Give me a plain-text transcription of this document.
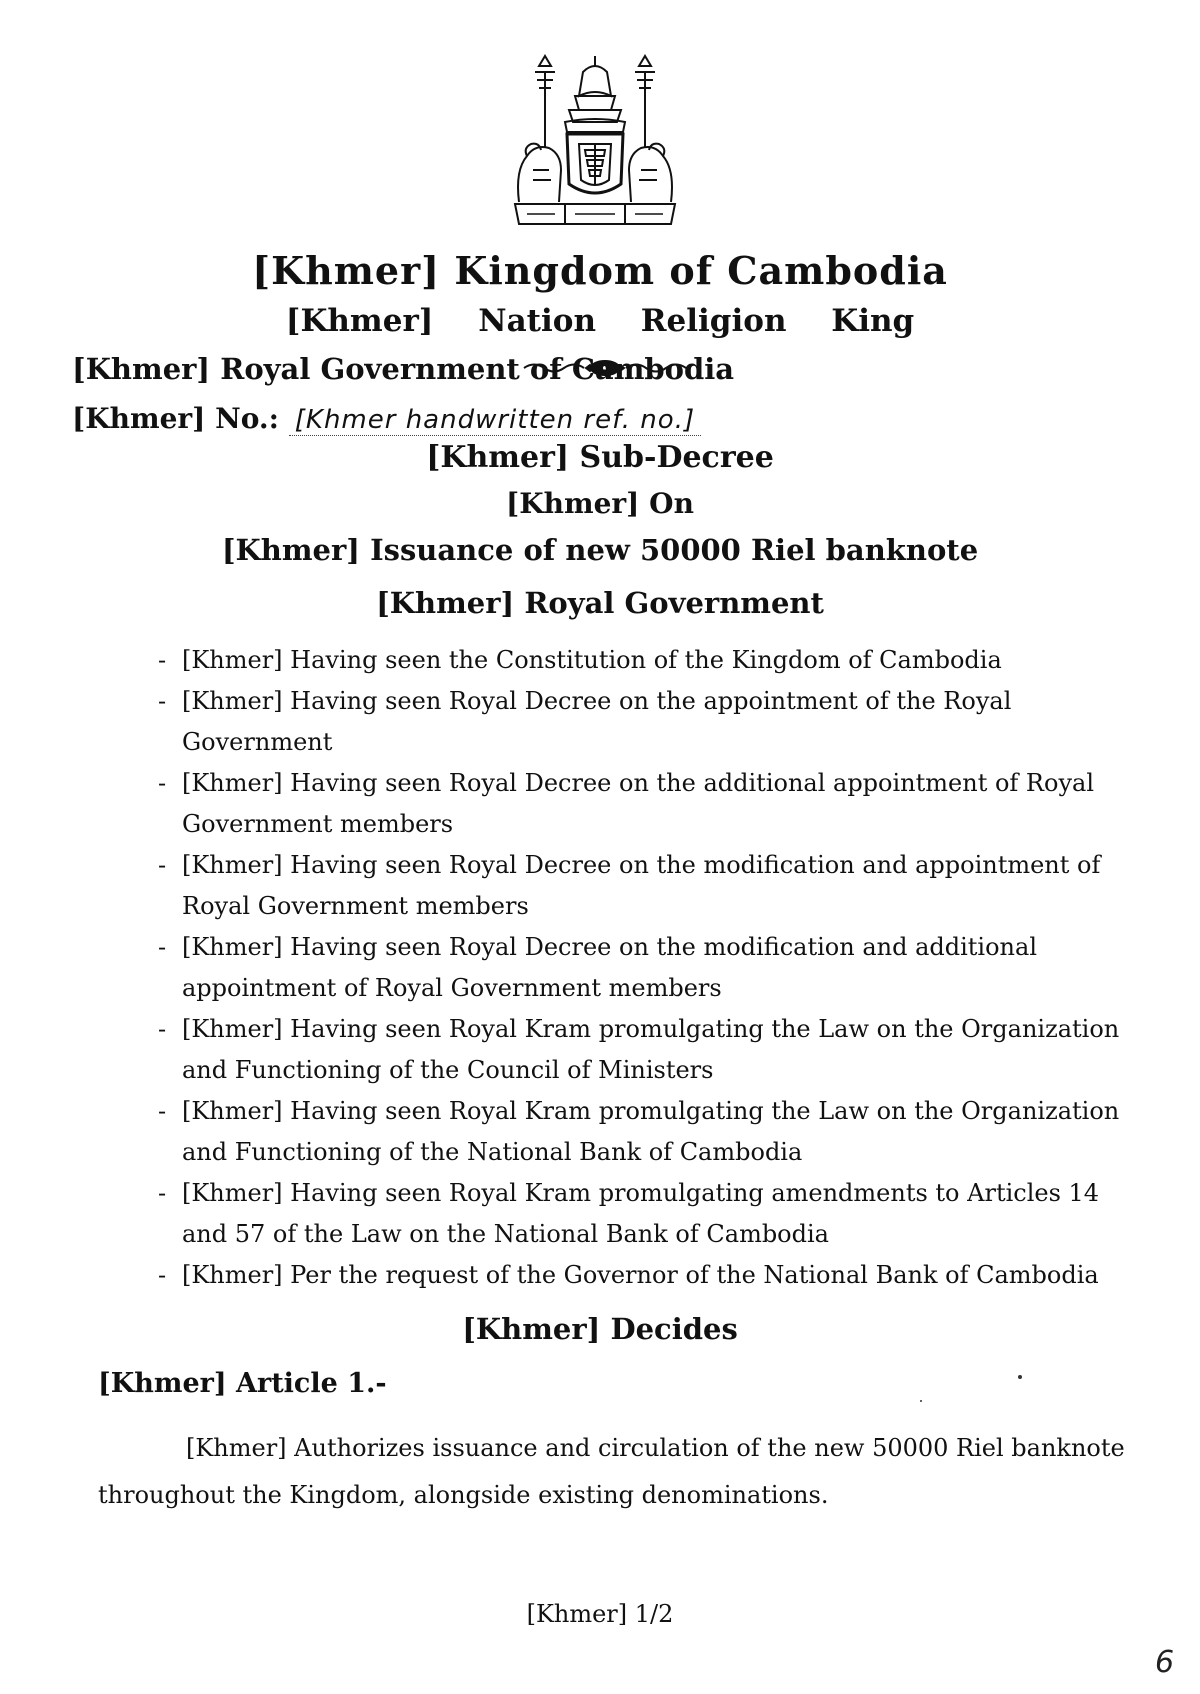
[Khmer] Kingdom of Cambodia
[Khmer] Nation Religion King
[Khmer] Royal Government of Cambodia
[Khmer] No.: [Khmer handwritten ref. no.]
[Khmer] Sub-Decree
[Khmer] On
[Khmer] Issuance of new 50000 Riel banknote
[Khmer] Royal Government
- [Khmer] Having seen the Constitution of the Kingdom of Cambodia
- [Khmer] Having seen Royal Decree on the appointment of the Royal Government
- [Khmer] Having seen Royal Decree on the additional appointment of Royal Government members
- [Khmer] Having seen Royal Decree on the modification and appointment of Royal Government members
- [Khmer] Having seen Royal Decree on the modification and additional appointment of Royal Government members
- [Khmer] Having seen Royal Kram promulgating the Law on the Organization and Functioning of the Council of Ministers
- [Khmer] Having seen Royal Kram promulgating the Law on the Organization and Functioning of the National Bank of Cambodia
- [Khmer] Having seen Royal Kram promulgating amendments to Articles 14 and 57 of the Law on the National Bank of Cambodia
- [Khmer] Per the request of the Governor of the National Bank of Cambodia
[Khmer] Decides
[Khmer] Article 1.-

[Khmer] Authorizes issuance and circulation of the new 50000 Riel banknote throughout the Kingdom, alongside existing denominations.

[Khmer] 1/2
6
